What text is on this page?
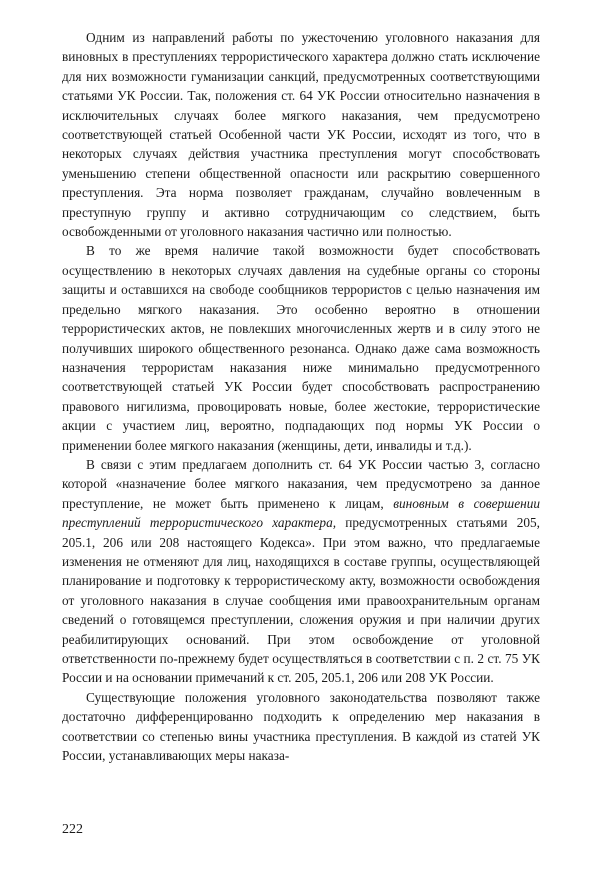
Одним из направлений работы по ужесточению уголовного наказания для виновных в преступлениях террористического характера должно стать исключение для них возможности гуманизации санкций, предусмотренных соответствующими статьями УК России. Так, положения ст. 64 УК России относительно назначения в исключительных случаях более мягкого наказания, чем предусмотрено соответствующей статьей Особенной части УК России, исходят из того, что в некоторых случаях действия участника преступления могут способствовать уменьшению степени общественной опасности или раскрытию совершенного преступления. Эта норма позволяет гражданам, случайно вовлеченным в преступную группу и активно сотрудничающим со следствием, быть освобожденными от уголовного наказания частично или полностью.

В то же время наличие такой возможности будет способствовать осуществлению в некоторых случаях давления на судебные органы со стороны защиты и оставшихся на свободе сообщников террористов с целью назначения им предельно мягкого наказания. Это особенно вероятно в отношении террористических актов, не повлекших многочисленных жертв и в силу этого не получивших широкого общественного резонанса. Однако даже сама возможность назначения террористам наказания ниже минимально предусмотренного соответствующей статьей УК России будет способствовать распространению правового нигилизма, провоцировать новые, более жестокие, террористические акции с участием лиц, вероятно, подпадающих под нормы УК России о применении более мягкого наказания (женщины, дети, инвалиды и т.д.).

В связи с этим предлагаем дополнить ст. 64 УК России частью 3, согласно которой «назначение более мягкого наказания, чем предусмотрено за данное преступление, не может быть применено к лицам, виновным в совершении преступлений террористического характера, предусмотренных статьями 205, 205.1, 206 или 208 настоящего Кодекса». При этом важно, что предлагаемые изменения не отменяют для лиц, находящихся в составе группы, осуществляющей планирование и подготовку к террористическому акту, возможности освобождения от уголовного наказания в случае сообщения ими правоохранительным органам сведений о готовящемся преступлении, сложения оружия и при наличии других реабилитирующих оснований. При этом освобождение от уголовной ответственности по-прежнему будет осуществляться в соответствии с п. 2 ст. 75 УК России и на основании примечаний к ст. 205, 205.1, 206 или 208 УК России.

Существующие положения уголовного законодательства позволяют также достаточно дифференцированно подходить к определению мер наказания в соответствии со степенью вины участника преступления. В каждой из статей УК России, устанавливающих меры наказа-

222
